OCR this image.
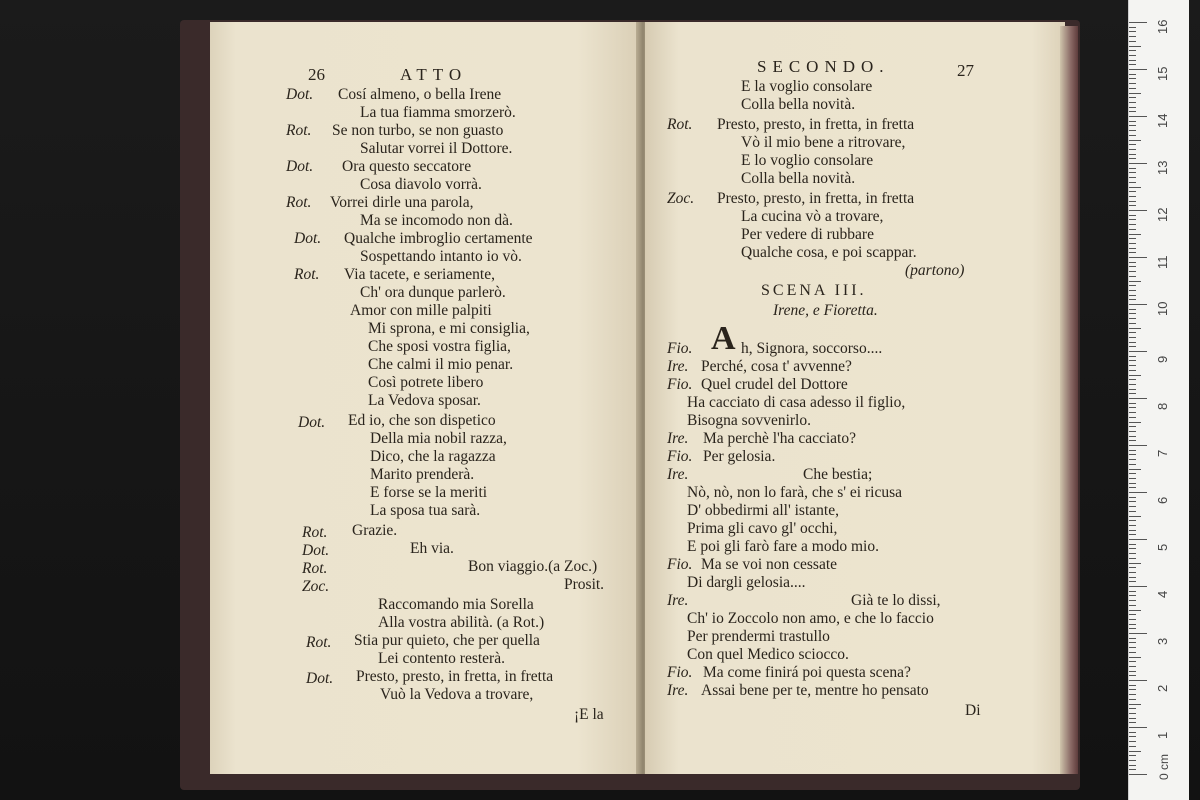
26	ATTO
Dot. Cosí almeno, o bella Irene
La tua fiamma smorzerò.
Rot. Se non turbo, se non guasto
Salutar vorrei il Dottore.
Dot. Ora questo seccatore
Cosa diavolo vorrà.
Rot. Vorrei dirle una parola,
Ma se incomodo non dà.
Dot. Qualche imbroglio certamente
Sospettando intanto io vò.
Rot. Via tacete, e seriamente,
Ch' ora dunque parlerò.
Amor con mille palpiti
Mi sprona, e mi consiglia,
Che sposi vostra figlia,
Che calmi il mio penar.
Così potrete libero
La Vedova sposar.
Dot. Ed io, che son dispetico
Della mia nobil razza,
Dico, che la ragazza
Marito prenderà.
E forse se la meriti
La sposa tua sarà.
Rot. Grazie.
Dot.	Eh via.
Rot.	Bon viaggio.(a Zoc.)
Zoc.	Prosit.
Raccomando mia Sorella
Alla vostra abilità. (a Rot.)
Rot. Stia pur quieto, che per quella
Lei contento resterà.
Dot. Presto, presto, in fretta, in fretta
Vuò la Vedova a trovare,
¡E la
SECONDO.	27
E la voglio consolare
Colla bella novità.
Rot. Presto, presto, in fretta, in fretta
Vò il mio bene a ritrovare,
E lo voglio consolare
Colla bella novità.
Zoc. Presto, presto, in fretta, in fretta
La cucina vò a trovare,
Per vedere di rubbare
Qualche cosa, e poi scappar.
(partono)
SCENA III.
Irene, e Fioretta.
Fio. A h, Signora, soccorso....
Ire. Perché, cosa t' avvenne?
Fio. Quel crudel del Dottore
Ha cacciato di casa adesso il figlio,
Bisogna sovvenirlo.
Ire. Ma perchè l'ha cacciato?
Fio. Per gelosia.
Ire.	Che bestia;
Nò, nò, non lo farà, che s' ei ricusa
D' obbedirmi all' istante,
Prima gli cavo gl' occhi,
E poi gli farò fare a modo mio.
Fio. Ma se voi non cessate
Di dargli gelosia....
Ire.	Già te lo dissi,
Ch' io Zoccolo non amo, e che lo faccio
Per prendermi trastullo
Con quel Medico sciocco.
Fio. Ma come finirá poi questa scena?
Ire. Assai bene per te, mentre ho pensato
Di
0 cm
16
15
14
13
12
11
10
9
8
7
6
5
4
3
2
1
